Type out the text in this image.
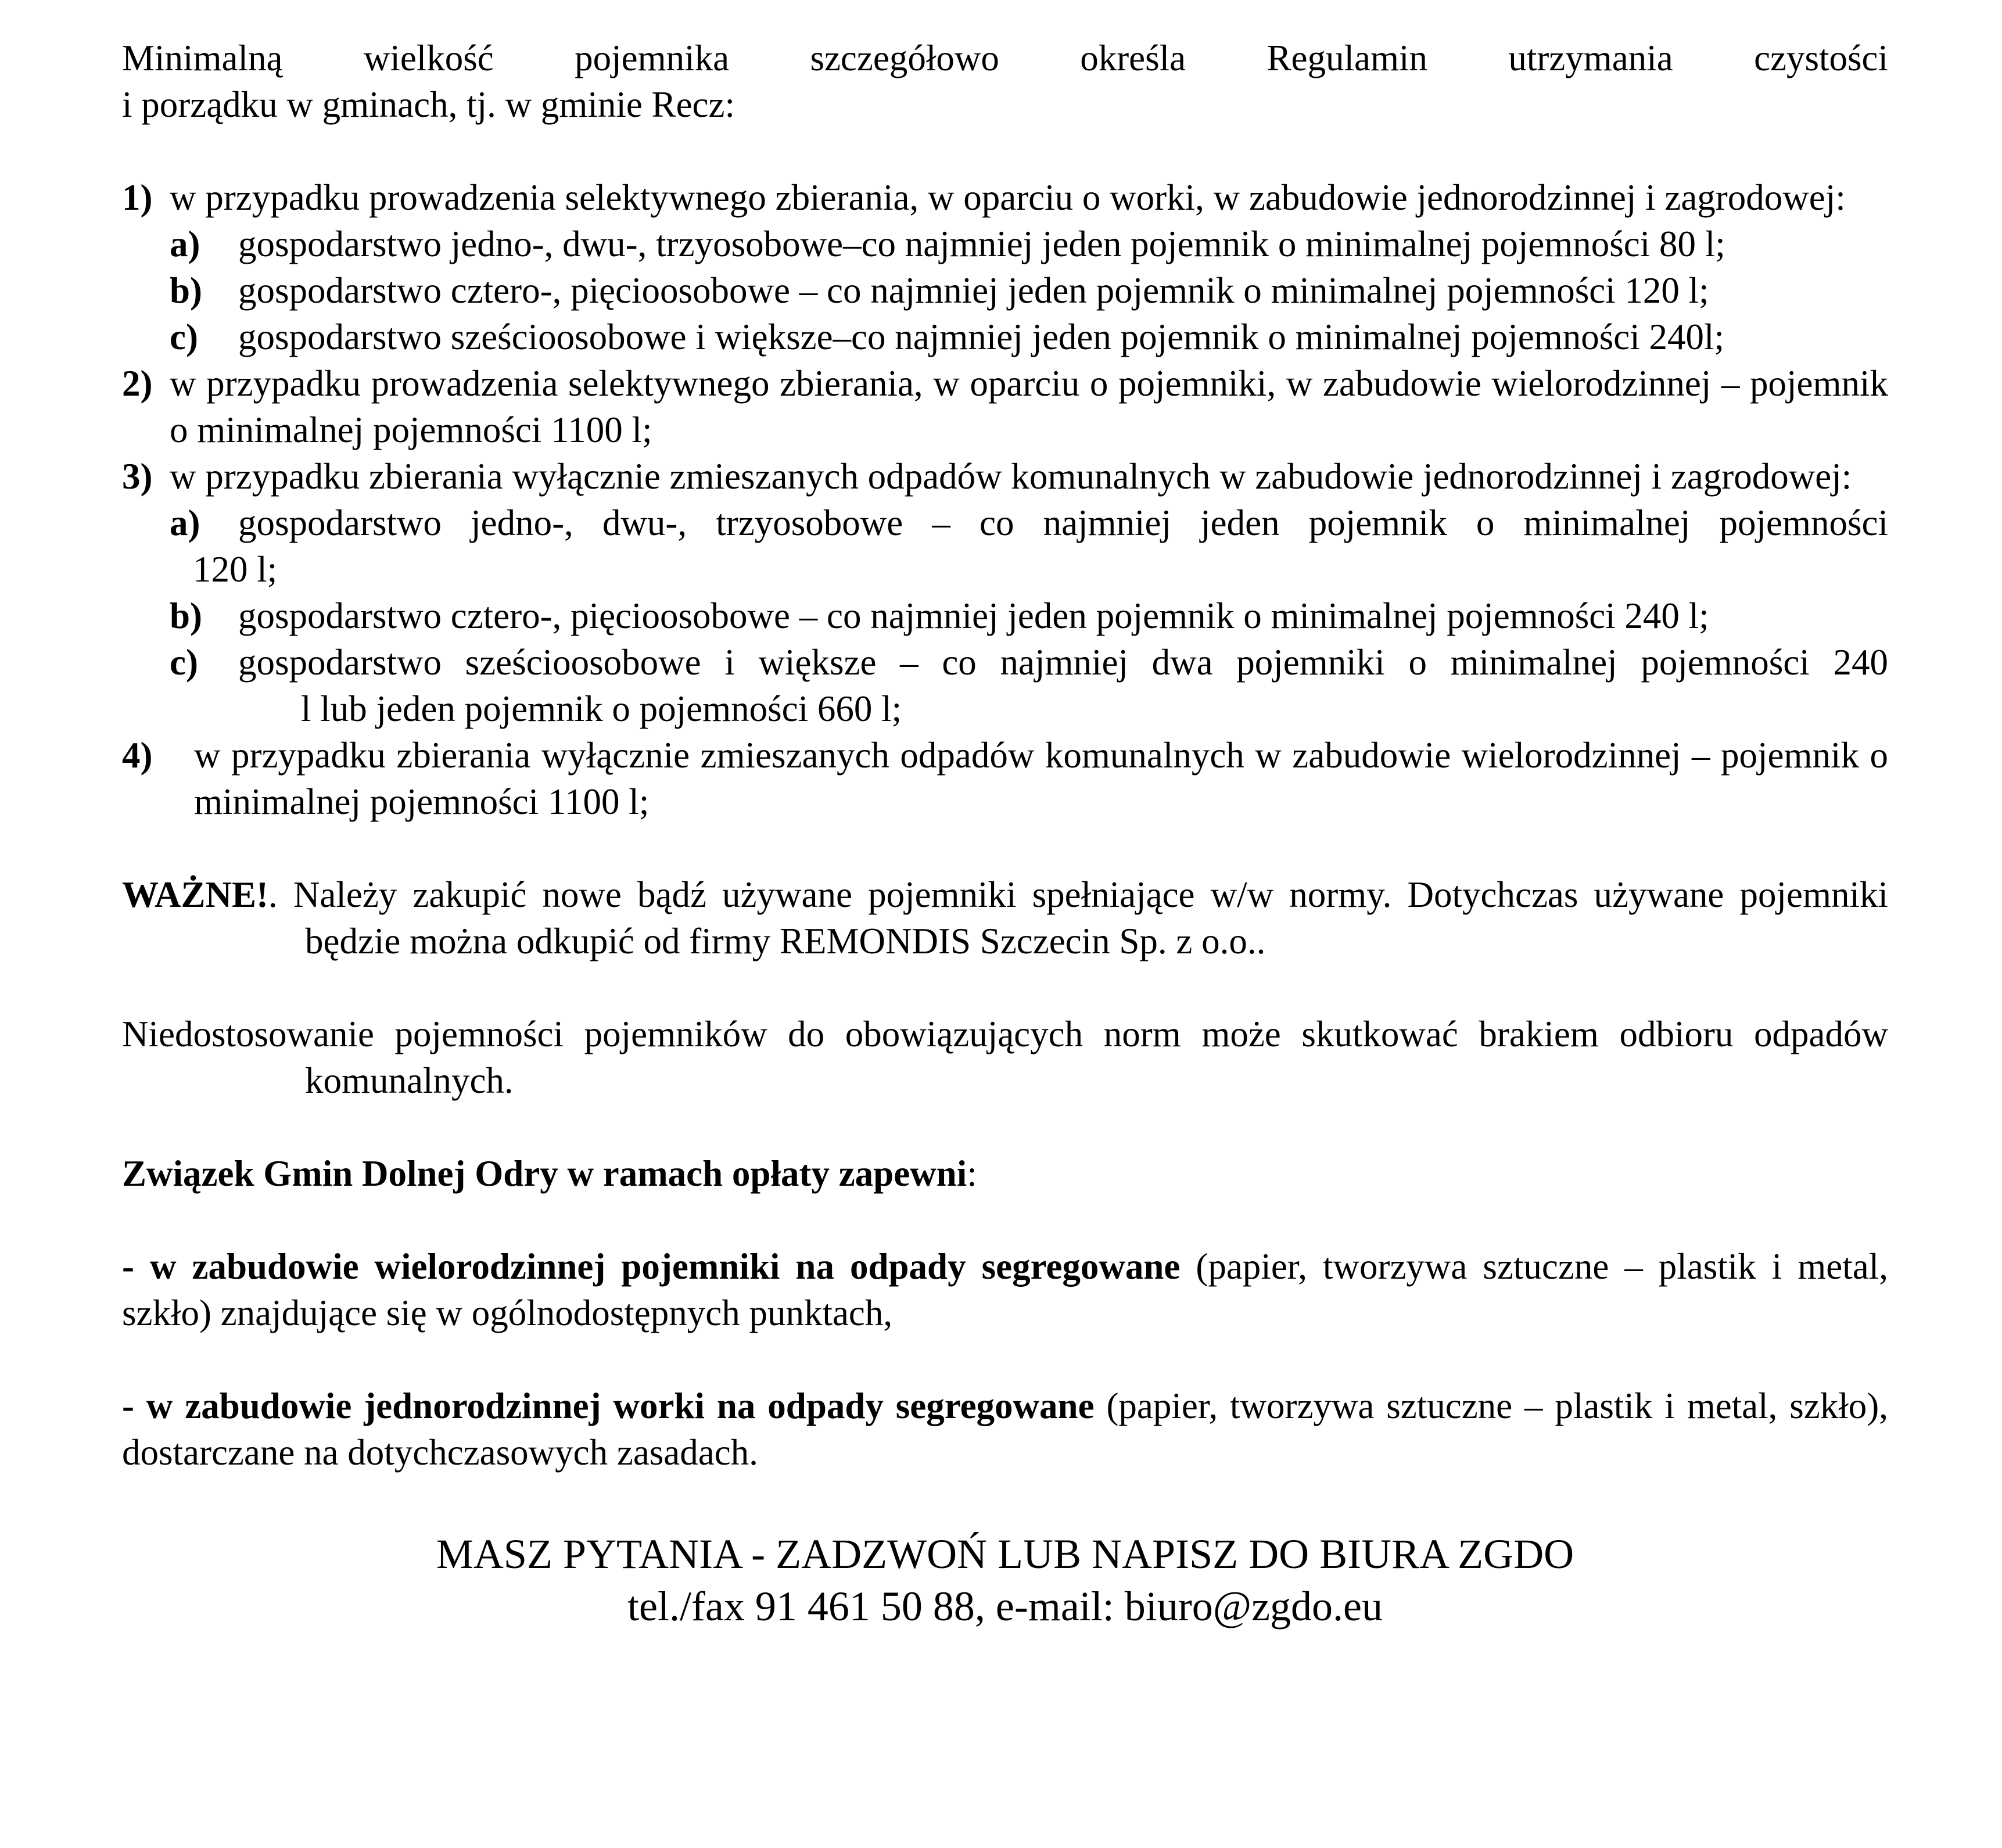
Minimalną wielkość pojemnika szczegółowo określa Regulamin utrzymania czystości

i porządku w gminach, tj. w gminie Recz:

1) w przypadku prowadzenia selektywnego zbierania, w oparciu o worki, w zabudowie jednorodzinnej i zagrodowej:
a) gospodarstwo jedno-, dwu-, trzyosobowe–co najmniej jeden pojemnik o minimalnej pojemności 80 l;
b) gospodarstwo cztero-, pięcioosobowe – co najmniej jeden pojemnik o minimalnej pojemności 120 l;
c) gospodarstwo sześcioosobowe i większe–co najmniej jeden pojemnik o minimalnej pojemności 240l;
2) w przypadku prowadzenia selektywnego zbierania, w oparciu o pojemniki, w zabudowie wielorodzinnej – pojemnik o minimalnej pojemności 1100 l;
3) w przypadku zbierania wyłącznie zmieszanych odpadów komunalnych w zabudowie jednorodzinnej i zagrodowej:
a) gospodarstwo jedno-, dwu-, trzyosobowe – co najmniej jeden pojemnik o minimalnej pojemności

120 l;

b) gospodarstwo cztero-, pięcioosobowe – co najmniej jeden pojemnik o minimalnej pojemności 240 l;
c) gospodarstwo sześcioosobowe i większe – co najmniej dwa pojemniki o minimalnej pojemności 240

l lub jeden pojemnik o pojemności 660 l;

4) w przypadku zbierania wyłącznie zmieszanych odpadów komunalnych w zabudowie wielorodzinnej – pojemnik o minimalnej pojemności 1100 l;

WAŻNE!. Należy zakupić nowe bądź używane pojemniki spełniające w/w normy. Dotychczas używane pojemniki będzie można odkupić od firmy REMONDIS Szczecin Sp. z o.o..

Niedostosowanie pojemności pojemników do obowiązujących norm może skutkować brakiem odbioru odpadów komunalnych.

Związek Gmin Dolnej Odry w ramach opłaty zapewni:

- w zabudowie wielorodzinnej pojemniki na odpady segregowane (papier, tworzywa sztuczne – plastik i metal, szkło) znajdujące się w ogólnodostępnych punktach,

- w zabudowie jednorodzinnej worki na odpady segregowane (papier, tworzywa sztuczne – plastik i metal, szkło), dostarczane na dotychczasowych zasadach.

MASZ PYTANIA - ZADZWOŃ LUB NAPISZ DO BIURA ZGDO

tel./fax 91 461 50 88, e-mail: biuro@zgdo.eu
